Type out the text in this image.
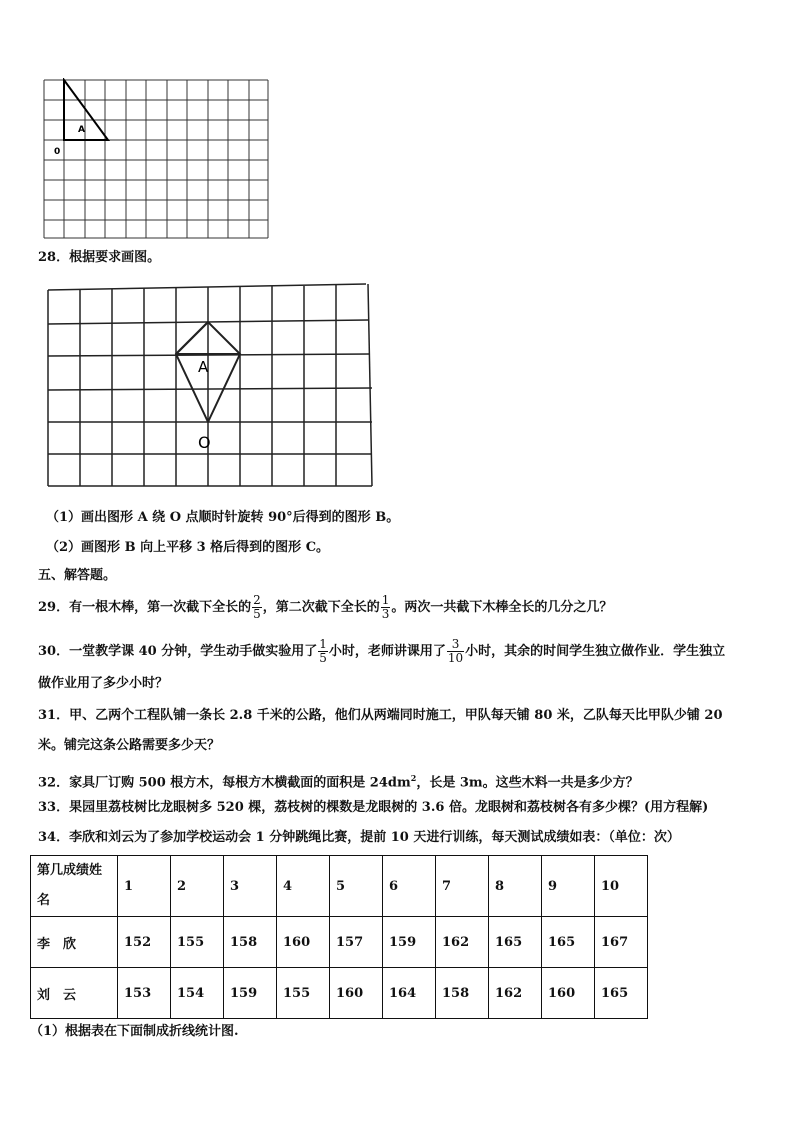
A
0
28．根据要求画图。
A
O
（1）画出图形 A 绕 O 点顺时针旋转 90°后得到的图形 B。
（2）画图形 B 向上平移 3 格后得到的图形 C。
五、解答题。
29．有一根木棒，第一次截下全长的 $\frac{2}{5}$ ，第二次截下全长的 $\frac{1}{3}$ 。两次一共截下木棒全长的几分之几？
30．一堂教学课 40 分钟，学生动手做实验用了 $\frac{1}{5}$ 小时，老师讲课用了 $\frac{3}{10}$ 小时，其余的时间学生独立做作业．学生独立
做作业用了多少小时？
31．甲、乙两个工程队铺一条长 2.8 千米的公路，他们从两端同时施工，甲队每天铺 80 米，乙队每天比甲队少铺 20
米。铺完这条公路需要多少天？
32．家具厂订购 500 根方木，每根方木横截面的面积是 $24dm^2$，长是 3m。这些木料一共是多少方？
33．果园里荔枝树比龙眼树多 520 棵，荔枝树的棵数是龙眼树的 3.6 倍。龙眼树和荔枝树各有多少棵？(用方程解)
34．李欣和刘云为了参加学校运动会 1 分钟跳绳比赛，提前 10 天进行训练，每天测试成绩如表：（单位：次）
第几成绩姓
名	1	2	3	4	5	6	7	8	9	10
李　欣	152	155	158	160	157	159	162	165	165	167
刘　云	153	154	159	155	160	164	158	162	160	165
（1）根据表在下面制成折线统计图.
